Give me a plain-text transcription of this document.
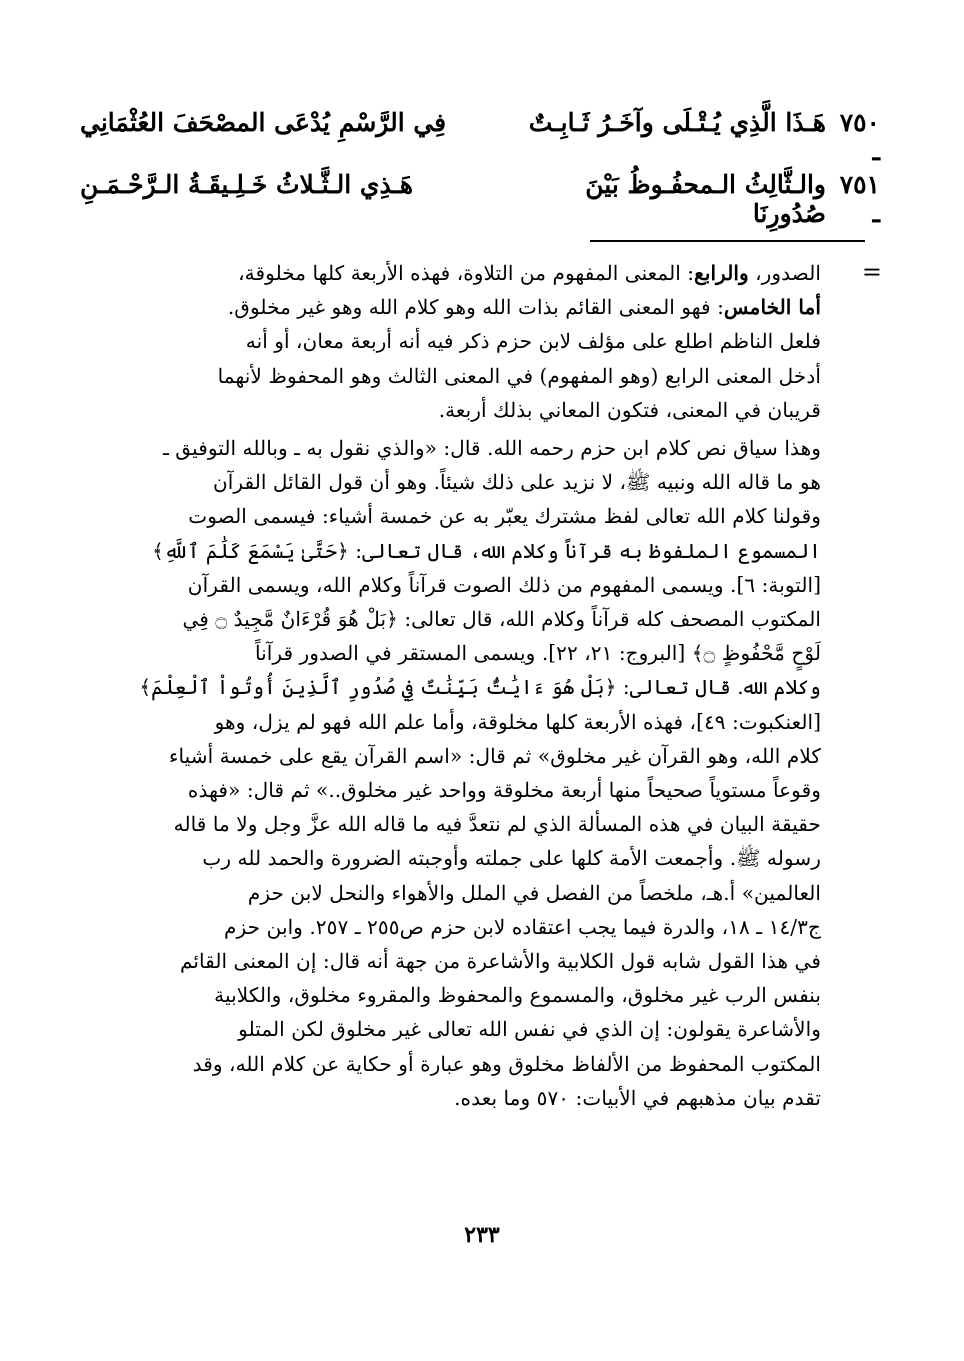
٧٥٠ ـ
هَـذَا الَّذِي يُـتْـلَى وآخَـرُ ثَـابِـتٌ
فِي الرَّسْمِ يُدْعَى المصْحَفَ العُثْمَانِي
٧٥١ ـ
والـثَّالِثُ الـمحفُـوظُ بَيْنَ صُدُورِنَا
هَـذِي الـثَّـلاثُ خَـلِـيقَـةُ الـرَّحْـمَـنِ
=

الصدور، والرابع: المعنى المفهوم من التلاوة، فهذه الأربعة كلها مخلوقة،
أما الخامس: فهو المعنى القائم بذات الله وهو كلام الله وهو غير مخلوق.
فلعل الناظم اطلع على مؤلف لابن حزم ذكر فيه أنه أربعة معان، أو أنه
أدخل المعنى الرابع (وهو المفهوم) في المعنى الثالث وهو المحفوظ لأنهما
قريبان في المعنى، فتكون المعاني بذلك أربعة.

وهذا سياق نص كلام ابن حزم رحمه الله. قال: «والذي نقول به ـ وبالله التوفيق ـ
هو ما قاله الله ونبيه ﷺ، لا نزيد على ذلك شيئاً. وهو أن قول القائل القرآن
وقولنا كلام الله تعالى لفظ مشترك يعبّر به عن خمسة أشياء: فيسمى الصوت
المسموع الملفوظ به قرآناً وكلام الله، قال تعالى: ﴿حَتَّىٰ يَسْمَعَ كَلَٰمَ ٱللَّهِ﴾
[التوبة: ٦]. ويسمى المفهوم من ذلك الصوت قرآناً وكلام الله، ويسمى القرآن
المكتوب المصحف كله قرآناً وكلام الله، قال تعالى: ﴿بَلْ هُوَ قُرْءَانٌ مَّجِيدٌ ۝ فِي
لَوْحٍ مَّحْفُوظٍ ۝﴾ [البروج: ٢١، ٢٢]. ويسمى المستقر في الصدور قرآناً
وكلام الله. قال تعالى: ﴿بَلْ هُوَ ءَايَٰتٌۢ بَيِّنَٰتٌ فِي صُدُورِ ٱلَّذِينَ أُوتُواْ ٱلْعِلْمَ﴾
[العنكبوت: ٤٩]، فهذه الأربعة كلها مخلوقة، وأما علم الله فهو لم يزل، وهو
كلام الله، وهو القرآن غير مخلوق» ثم قال: «اسم القرآن يقع على خمسة أشياء
وقوعاً مستوياً صحيحاً منها أربعة مخلوقة وواحد غير مخلوق..» ثم قال: «فهذه
حقيقة البيان في هذه المسألة الذي لم نتعدَّ فيه ما قاله الله عزَّ وجل ولا ما قاله
رسوله ﷺ. وأجمعت الأمة كلها على جملته وأوجبته الضرورة والحمد لله رب
العالمين» أ.هـ، ملخصاً من الفصل في الملل والأهواء والنحل لابن حزم
ج١٤/٣ ـ ١٨، والدرة فيما يجب اعتقاده لابن حزم ص٢٥٥ ـ ٢٥٧. وابن حزم
في هذا القول شابه قول الكلابية والأشاعرة من جهة أنه قال: إن المعنى القائم
بنفس الرب غير مخلوق، والمسموع والمحفوظ والمقروء مخلوق، والكلابية
والأشاعرة يقولون: إن الذي في نفس الله تعالى غير مخلوق لكن المتلو
المكتوب المحفوظ من الألفاظ مخلوق وهو عبارة أو حكاية عن كلام الله، وقد
تقدم بيان مذهبهم في الأبيات: ٥٧٠ وما بعده.

٢٣٣
